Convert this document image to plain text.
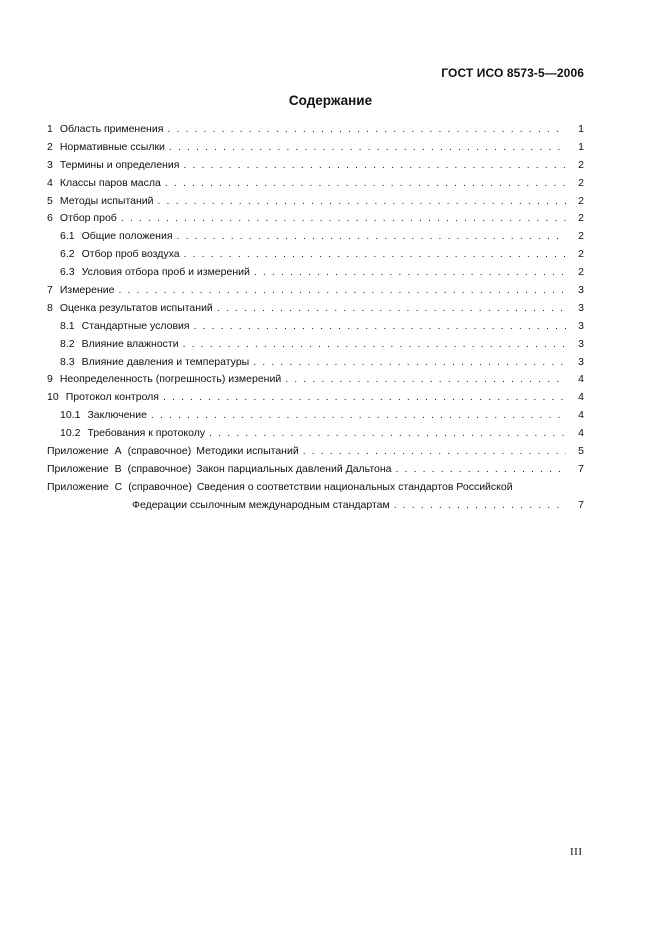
ГОСТ ИСО 8573-5—2006
Содержание
1 Область применения . . .	1
2 Нормативные ссылки . . .	1
3 Термины и определения . . .	2
4 Классы паров масла . . .	2
5 Методы испытаний . . .	2
6 Отбор проб . . .	2
6.1 Общие положения . . .	2
6.2 Отбор проб воздуха . . .	2
6.3 Условия отбора проб и измерений . . .	2
7 Измерение . . .	3
8 Оценка результатов испытаний . . .	3
8.1 Стандартные условия . . .	3
8.2 Влияние влажности . . .	3
8.3 Влияние давления и температуры . . .	3
9 Неопределенность (погрешность) измерений . . .	4
10 Протокол контроля . . .	4
10.1 Заключение . . .	4
10.2 Требования к протоколу . . .	4
Приложение А (справочное) Методики испытаний . . .	5
Приложение В (справочное) Закон парциальных давлений Дальтона . . .	7
Приложение С (справочное) Сведения о соответствии национальных стандартов Российской
Федерации ссылочным международным стандартам . . .	7
III
